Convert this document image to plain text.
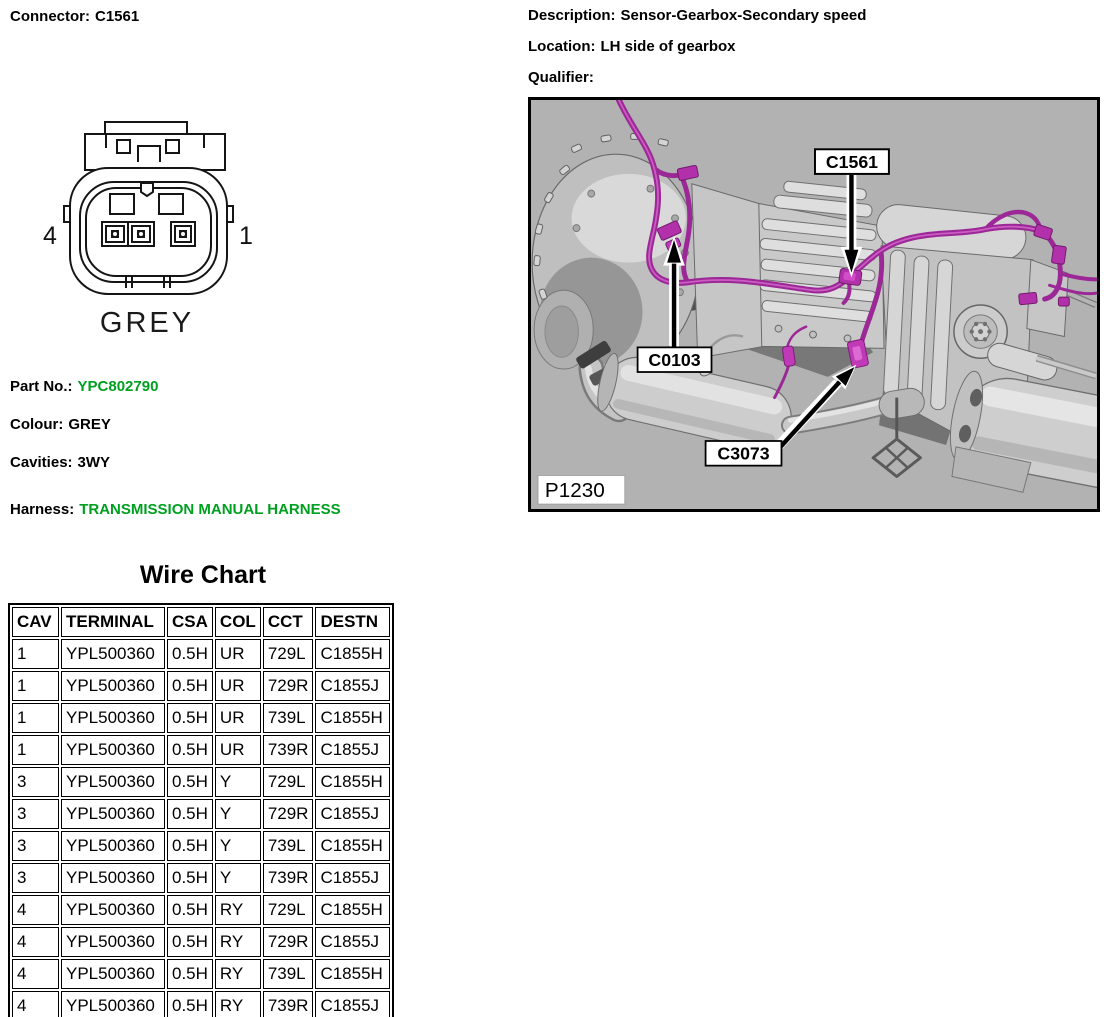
Connector: C1561	Description: Sensor-Gearbox-Secondary speed
Location: LH side of gearbox
Qualifier:
4	1
GREY
Part No.: YPC802790
Colour: GREY
Cavities: 3WY
Harness: TRANSMISSION MANUAL HARNESS
C1561
C0103
C3073
P1230
Wire Chart
CAV	TERMINAL	CSA	COL	CCT	DESTN
1	YPL500360	0.5H	UR	729L	C1855H
1	YPL500360	0.5H	UR	729R	C1855J
1	YPL500360	0.5H	UR	739L	C1855H
1	YPL500360	0.5H	UR	739R	C1855J
3	YPL500360	0.5H	Y	729L	C1855H
3	YPL500360	0.5H	Y	729R	C1855J
3	YPL500360	0.5H	Y	739L	C1855H
3	YPL500360	0.5H	Y	739R	C1855J
4	YPL500360	0.5H	RY	729L	C1855H
4	YPL500360	0.5H	RY	729R	C1855J
4	YPL500360	0.5H	RY	739L	C1855H
4	YPL500360	0.5H	RY	739R	C1855J
